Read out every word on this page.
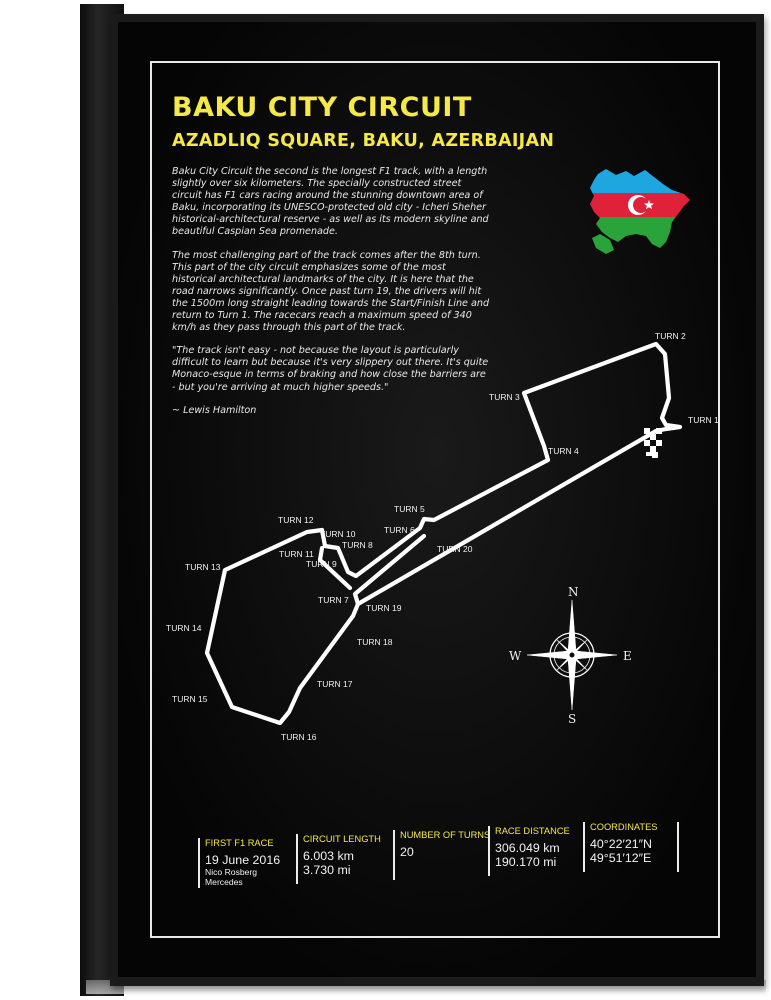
BAKU CITY CIRCUIT
AZADLIQ SQUARE, BAKU, AZERBAIJAN

Baku City Circuit the second is the longest F1 track, with a length slightly over six kilometers. The specially constructed street circuit has F1 cars racing around the stunning downtown area of Baku, incorporating its UNESCO-protected old city - Icheri Sheher historical-architectural reserve - as well as its modern skyline and beautiful Caspian Sea promenade.

The most challenging part of the track comes after the 8th turn. This part of the city circuit emphasizes some of the most historical architectural landmarks of the city. It is here that the road narrows significantly. Once past turn 19, the drivers will hit the 1500m long straight leading towards the Start/Finish Line and return to Turn 1. The racecars reach a maximum speed of 340 km/h as they pass through this part of the track.

"The track isn't easy - not because the layout is particularly difficult to learn but because it's very slippery out there. It's quite Monaco-esque in terms of braking and how close the barriers are - but you're arriving at much higher speeds."

~ Lewis Hamilton
TURN 1
TURN 2
TURN 3
TURN 4
TURN 5
TURN 6
TURN 7
TURN 8
TURN 9
TURN 10
TURN 11
TURN 12
TURN 13
TURN 14
TURN 15
TURN 16
TURN 17
TURN 18
TURN 19
TURN 20
N
S
W	E
FIRST F1 RACE
19 June 2016
Nico Rosberg
Mercedes
CIRCUIT LENGTH
6.003 km
3.730 mi
NUMBER OF TURNS
20
RACE DISTANCE
306.049 km
190.170 mi
COORDINATES
40°22′21″N
49°51′12″E
